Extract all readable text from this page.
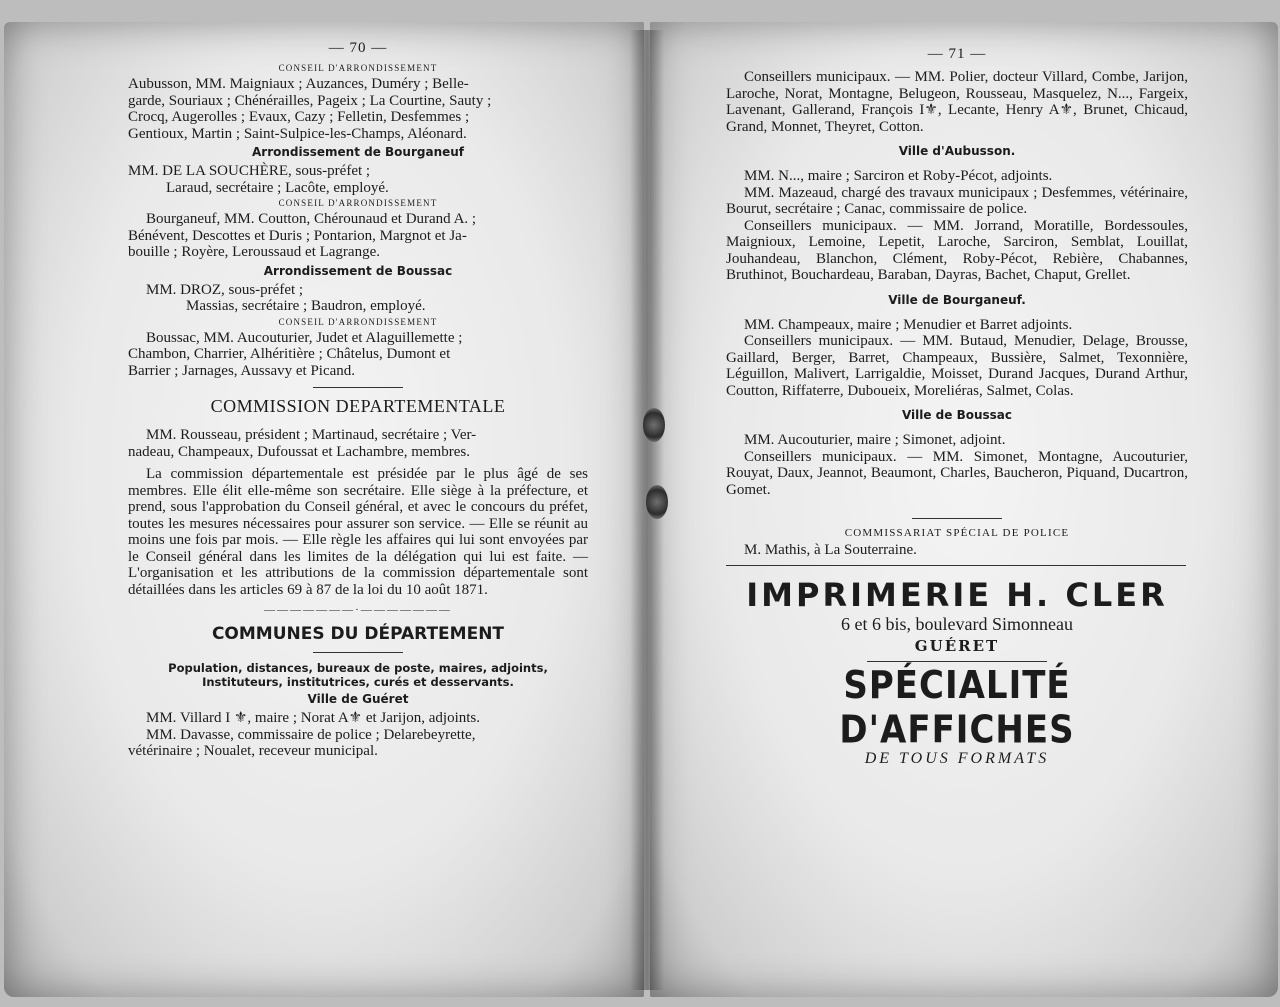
— 70 —
CONSEIL D'ARRONDISSEMENT

Aubusson, MM. Maigniaux ; Auzances, Duméry ; Belle-

garde, Souriaux ; Chénérailles, Pageix ; La Courtine, Sauty ;

Crocq, Augerolles ; Evaux, Cazy ; Felletin, Desfemmes ;

Gentioux, Martin ; Saint-Sulpice-les-Champs, Aléonard.

Arrondissement de Bourganeuf

MM. DE LA SOUCHÈRE, sous-préfet ;

Laraud, secrétaire ; Lacôte, employé.

CONSEIL D'ARRONDISSEMENT

Bourganeuf, MM. Coutton, Chérounaud et Durand A. ;

Bénévent, Descottes et Duris ; Pontarion, Margnot et Ja-

bouille ; Royère, Leroussaud et Lagrange.

Arrondissement de Boussac

MM. DROZ, sous-préfet ;

Massias, secrétaire ; Baudron, employé.

CONSEIL D'ARRONDISSEMENT

Boussac, MM. Aucouturier, Judet et Alaguillemette ;

Chambon, Charrier, Alhéritière ; Châtelus, Dumont et

Barrier ; Jarnages, Aussavy et Picand.

COMMISSION DEPARTEMENTALE

MM. Rousseau, président ; Martinaud, secrétaire ; Ver-

nadeau, Champeaux, Dufoussat et Lachambre, membres.

La commission départementale est présidée par le plus âgé de ses membres. Elle élit elle-même son secrétaire. Elle siège à la préfecture, et prend, sous l'approbation du Conseil général, et avec le concours du préfet, toutes les mesures nécessaires pour assurer son service. — Elle se réunit au moins une fois par mois. — Elle règle les affaires qui lui sont envoyées par le Conseil général dans les limites de la délégation qui lui est faite. — L'organisation et les attributions de la commission départementale sont détaillées dans les articles 69 à 87 de la loi du 10 août 1871.

———————·———————
COMMUNES DU DÉPARTEMENT
Population, distances, bureaux de poste, maires, adjoints, Instituteurs, institutrices, curés et desservants.
Ville de Guéret

MM. Villard I ⚜, maire ; Norat A⚜ et Jarijon, adjoints.

MM. Davasse, commissaire de police ; Delarebeyrette,

vétérinaire ; Noualet, receveur municipal.

— 71 —

Conseillers municipaux. — MM. Polier, docteur Villard, Combe, Jarijon, Laroche, Norat, Montagne, Belugeon, Rousseau, Masquelez, N..., Fargeix, Lavenant, Gallerand, François I⚜, Lecante, Henry A⚜, Brunet, Chicaud, Grand, Monnet, Theyret, Cotton.

Ville d'Aubusson.

MM. N..., maire ; Sarciron et Roby-Pécot, adjoints.

MM. Mazeaud, chargé des travaux municipaux ; Desfemmes, vétérinaire, Bourut, secrétaire ; Canac, commissaire de police.

Conseillers municipaux. — MM. Jorrand, Moratille, Bordessoules, Maignioux, Lemoine, Lepetit, Laroche, Sarciron, Semblat, Louillat, Jouhandeau, Blanchon, Clément, Roby-Pécot, Rebière, Chabannes, Bruthinot, Bouchardeau, Baraban, Dayras, Bachet, Chaput, Grellet.

Ville de Bourganeuf.

MM. Champeaux, maire ; Menudier et Barret adjoints.

Conseillers municipaux. — MM. Butaud, Menudier, Delage, Brousse, Gaillard, Berger, Barret, Champeaux, Bussière, Salmet, Texonnière, Léguillon, Malivert, Larrigaldie, Moisset, Durand Jacques, Durand Arthur, Coutton, Riffaterre, Duboueix, Moreliéras, Salmet, Colas.

Ville de Boussac

MM. Aucouturier, maire ; Simonet, adjoint.

Conseillers municipaux. — MM. Simonet, Montagne, Aucouturier, Rouyat, Daux, Jeannot, Beaumont, Charles, Baucheron, Piquand, Ducartron, Gomet.

COMMISSARIAT SPÉCIAL DE POLICE

M. Mathis, à La Souterraine.

IMPRIMERIE H. CLER
6 et 6 bis, boulevard Simonneau
GUÉRET
SPÉCIALITÉ D'AFFICHES
DE TOUS FORMATS
